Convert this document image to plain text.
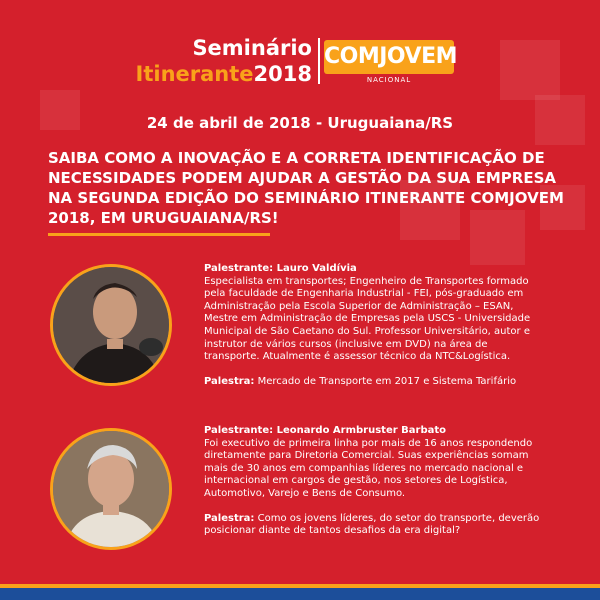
Seminário
Itinerante2018
COMJOVEM
NACIONAL
24 de abril de 2018 - Uruguaiana/RS
SAIBA COMO A INOVAÇÃO E A CORRETA IDENTIFICAÇÃO DE NECESSIDADES PODEM AJUDAR A GESTÃO DA SUA EMPRESA NA SEGUNDA EDIÇÃO DO SEMINÁRIO ITINERANTE COMJOVEM 2018, EM URUGUAIANA/RS!
Palestrante: Lauro Valdívia
Especialista em transportes; Engenheiro de Transportes formado pela faculdade de Engenharia Industrial - FEI, pós-graduado em Administração pela Escola Superior de Administração – ESAN, Mestre em Administração de Empresas pela USCS - Universidade Municipal de São Caetano do Sul. Professor Universitário, autor e instrutor de vários cursos (inclusive em DVD) na área de transporte. Atualmente é assessor técnico da NTC&Logística.
Palestra: Mercado de Transporte em 2017 e Sistema Tarifário
Palestrante: Leonardo Armbruster Barbato
Foi executivo de primeira linha por mais de 16 anos respondendo diretamente para Diretoria Comercial. Suas experiências somam mais de 30 anos em companhias líderes no mercado nacional e internacional em cargos de gestão, nos setores de Logística, Automotivo, Varejo e Bens de Consumo.
Palestra: Como os jovens líderes, do setor do transporte, deverão posicionar diante de tantos desafios da era digital?
